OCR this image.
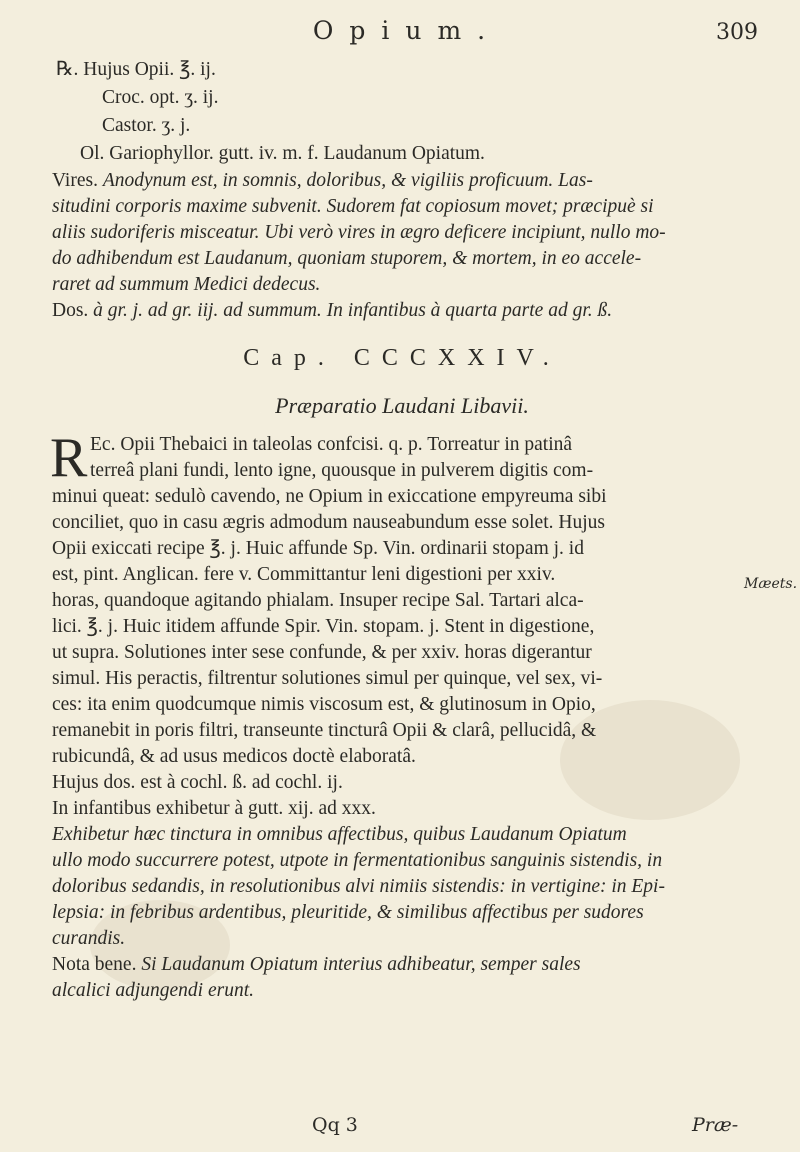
Opium.	309
℞. Hujus Opii. ℥. ij.
Croc. opt. ʒ. ij.
Castor. ʒ. j.
Ol. Gariophyllor. gutt. iv. m. f. Laudanum Opiatum.
Vires. Anodynum est, in somnis, doloribus, & vigiliis proficuum. Las-
situdini corporis maxime subvenit. Sudorem fat copiosum movet; præcipuè si
aliis sudoriferis misceatur. Ubi verò vires in ægro deficere incipiunt, nullo mo-
do adhibendum est Laudanum, quoniam stuporem, & mortem, in eo accele-
raret ad summum Medici dedecus.
Dos. à gr. j. ad gr. iij. ad summum. In infantibus à quarta parte ad gr. ß.
Cap. CCCXXIV.
Præparatio Laudani Libavii.
R Ec. Opii Thebaici in taleolas confcisi. q. p. Torreatur in patinâ
terreâ plani fundi, lento igne, quousque in pulverem digitis com-
minui queat: sedulò cavendo, ne Opium in exiccatione empyreuma sibi
conciliet, quo in casu ægris admodum nauseabundum esse solet. Hujus
Opii exiccati recipe ℥. j. Huic affunde Sp. Vin. ordinarii stopam j. id
est, pint. Anglican. fere v. Committantur leni digestioni per xxiv.
horas, quandoque agitando phialam. Insuper recipe Sal. Tartari alca-
lici. ℥. j. Huic itidem affunde Spir. Vin. stopam. j. Stent in digestione,
ut supra. Solutiones inter sese confunde, & per xxiv. horas digerantur
simul. His peractis, filtrentur solutiones simul per quinque, vel sex, vi-
ces: ita enim quodcumque nimis viscosum est, & glutinosum in Opio,
remanebit in poris filtri, transeunte tincturâ Opii & clarâ, pellucidâ, &
rubicundâ, & ad usus medicos doctè elaboratâ.
Hujus dos. est à cochl. ß. ad cochl. ij.
In infantibus exhibetur à gutt. xij. ad xxx.
Exhibetur hæc tinctura in omnibus affectibus, quibus Laudanum Opiatum
ullo modo succurrere potest, utpote in fermentationibus sanguinis sistendis, in
doloribus sedandis, in resolutionibus alvi nimiis sistendis: in vertigine: in Epi-
lepsia: in febribus ardentibus, pleuritide, & similibus affectibus per sudores
curandis.
Nota bene. Si Laudanum Opiatum interius adhibeatur, semper sales
alcalici adjungendi erunt.
Mæets.
Qq 3	Præ-
